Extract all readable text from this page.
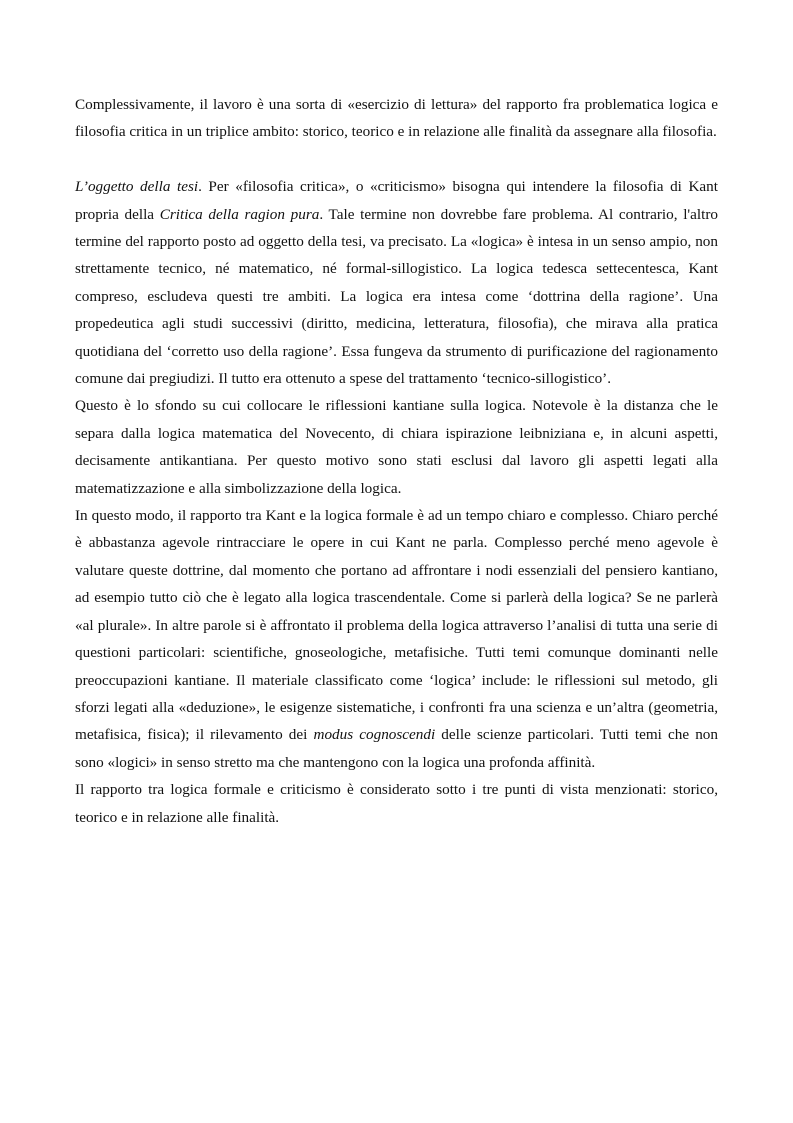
Complessivamente, il lavoro è una sorta di «esercizio di lettura» del rapporto fra problematica logica e filosofia critica in un triplice ambito: storico, teorico e in relazione alle finalità da assegnare alla filosofia.

L’oggetto della tesi. Per «filosofia critica», o «criticismo» bisogna qui intendere la filosofia di Kant propria della Critica della ragion pura. Tale termine non dovrebbe fare problema. Al contrario, l'altro termine del rapporto posto ad oggetto della tesi, va precisato. La «logica» è intesa in un senso ampio, non strettamente tecnico, né matematico, né formal-sillogistico. La logica tedesca settecentesca, Kant compreso, escludeva questi tre ambiti. La logica era intesa come ‘dottrina della ragione’. Una propedeutica agli studi successivi (diritto, medicina, letteratura, filosofia), che mirava alla pratica quotidiana del ‘corretto uso della ragione’. Essa fungeva da strumento di purificazione del ragionamento comune dai pregiudizi. Il tutto era ottenuto a spese del trattamento ‘tecnico-sillogistico’.

Questo è lo sfondo su cui collocare le riflessioni kantiane sulla logica. Notevole è la distanza che le separa dalla logica matematica del Novecento, di chiara ispirazione leibniziana e, in alcuni aspetti, decisamente antikantiana. Per questo motivo sono stati esclusi dal lavoro gli aspetti legati alla matematizzazione e alla simbolizzazione della logica.

In questo modo, il rapporto tra Kant e la logica formale è ad un tempo chiaro e complesso. Chiaro perché è abbastanza agevole rintracciare le opere in cui Kant ne parla. Complesso perché meno agevole è valutare queste dottrine, dal momento che portano ad affrontare i nodi essenziali del pensiero kantiano, ad esempio tutto ciò che è legato alla logica trascendentale. Come si parlerà della logica? Se ne parlerà «al plurale». In altre parole si è affrontato il problema della logica attraverso l’analisi di tutta una serie di questioni particolari: scientifiche, gnoseologiche, metafisiche. Tutti temi comunque dominanti nelle preoccupazioni kantiane. Il materiale classificato come ‘logica’ include: le riflessioni sul metodo, gli sforzi legati alla «deduzione», le esigenze sistematiche, i confronti fra una scienza e un’altra (geometria, metafisica, fisica); il rilevamento dei modus cognoscendi delle scienze particolari. Tutti temi che non sono «logici» in senso stretto ma che mantengono con la logica una profonda affinità.

Il rapporto tra logica formale e criticismo è considerato sotto i tre punti di vista menzionati: storico, teorico e in relazione alle finalità.
